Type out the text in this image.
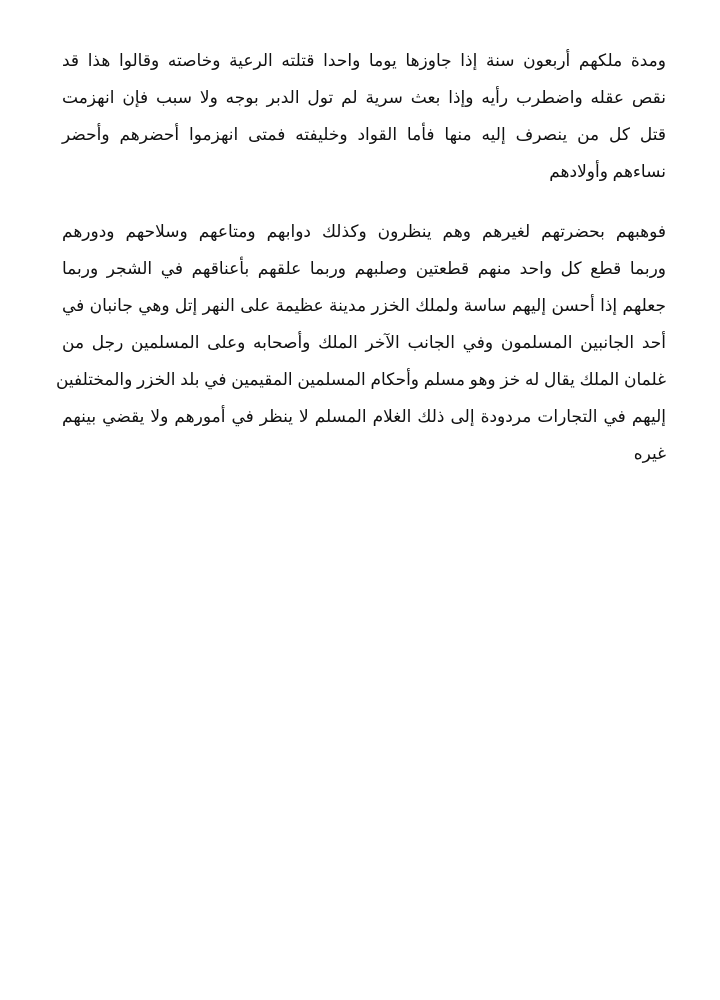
ومدة ملكهم أربعون سنة إذا جاوزها يوما واحدا قتلته الرعية وخاصته وقالوا هذا قد
نقص عقله واضطرب رأيه وإذا بعث سرية لم تول الدبر بوجه ولا سبب فإن انهزمت
قتل كل من ينصرف إليه منها فأما القواد وخليفته فمتى انهزموا أحضرهم وأحضر
نساءهم وأولادهم
فوهبهم بحضرتهم لغيرهم وهم ينظرون وكذلك دوابهم ومتاعهم وسلاحهم ودورهم
وربما قطع كل واحد منهم قطعتين وصلبهم وربما علقهم بأعناقهم في الشجر وربما
جعلهم إذا أحسن إليهم ساسة ولملك الخزر مدينة عظيمة على النهر إتل وهي جانبان في
أحد الجانبين المسلمون وفي الجانب الآخر الملك وأصحابه وعلى المسلمين رجل من
غلمان الملك يقال له خز وهو مسلم وأحكام المسلمين المقيمين في بلد الخزر والمختلفين
إليهم في التجارات مردودة إلى ذلك الغلام المسلم لا ينظر في أمورهم ولا يقضي بينهم
غيره
